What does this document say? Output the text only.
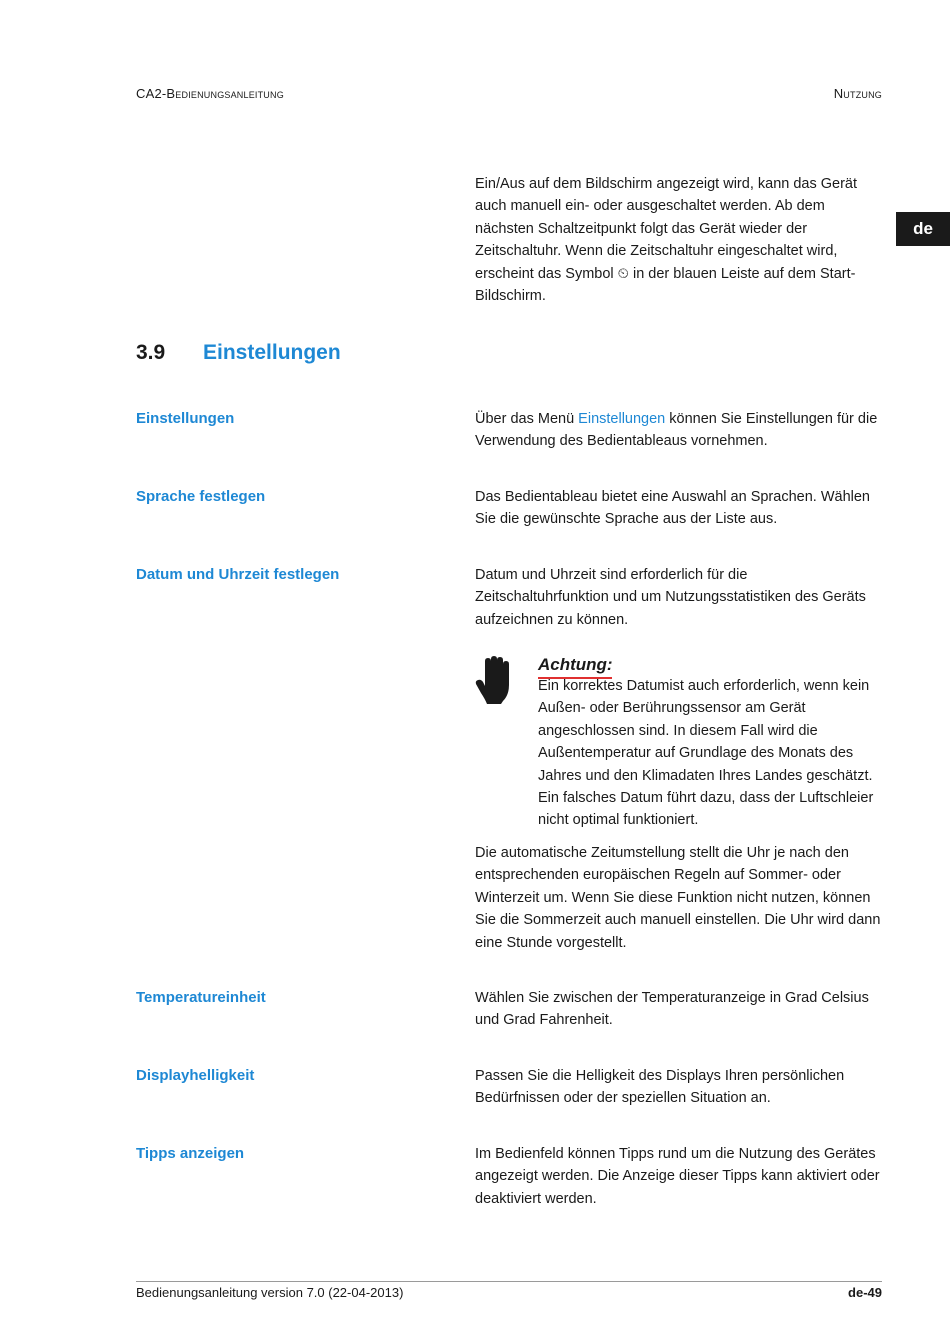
CA2-Bedienungsanleitung	Nutzung
de
Ein/Aus auf dem Bildschirm angezeigt wird, kann das Gerät auch manuell ein- oder ausgeschaltet werden. Ab dem nächsten Schaltzeitpunkt folgt das Gerät wieder der Zeitschaltuhr. Wenn die Zeitschaltuhr eingeschaltet wird, erscheint das Symbol ⏲ in der blauen Leiste auf dem Start-Bildschirm.
3.9 Einstellungen
Einstellungen	Über das Menü Einstellungen können Sie Einstellungen für die Verwendung des Bedientableaus vornehmen.
Sprache festlegen	Das Bedientableau bietet eine Auswahl an Sprachen. Wählen Sie die gewünschte Sprache aus der Liste aus.
Datum und Uhrzeit festlegen	Datum und Uhrzeit sind erforderlich für die Zeitschaltuhrfunktion und um Nutzungsstatistiken des Geräts aufzeichnen zu können.
Achtung:
Ein korrektes Datumist auch erforderlich, wenn kein Außen- oder Berührungssensor am Gerät angeschlossen sind. In diesem Fall wird die Außentemperatur auf Grundlage des Monats des Jahres und den Klimadaten Ihres Landes geschätzt. Ein falsches Datum führt dazu, dass der Luftschleier nicht optimal funktioniert.
Die automatische Zeitumstellung stellt die Uhr je nach den entsprechenden europäischen Regeln auf Sommer- oder Winterzeit um. Wenn Sie diese Funktion nicht nutzen, können Sie die Sommerzeit auch manuell einstellen. Die Uhr wird dann eine Stunde vorgestellt.
Temperatureinheit	Wählen Sie zwischen der Temperaturanzeige in Grad Celsius und Grad Fahrenheit.
Displayhelligkeit	Passen Sie die Helligkeit des Displays Ihren persönlichen Bedürfnissen oder der speziellen Situation an.
Tipps anzeigen	Im Bedienfeld können Tipps rund um die Nutzung des Gerätes angezeigt werden. Die Anzeige dieser Tipps kann aktiviert oder deaktiviert werden.
Bedienungsanleitung version 7.0 (22-04-2013)	de-49
